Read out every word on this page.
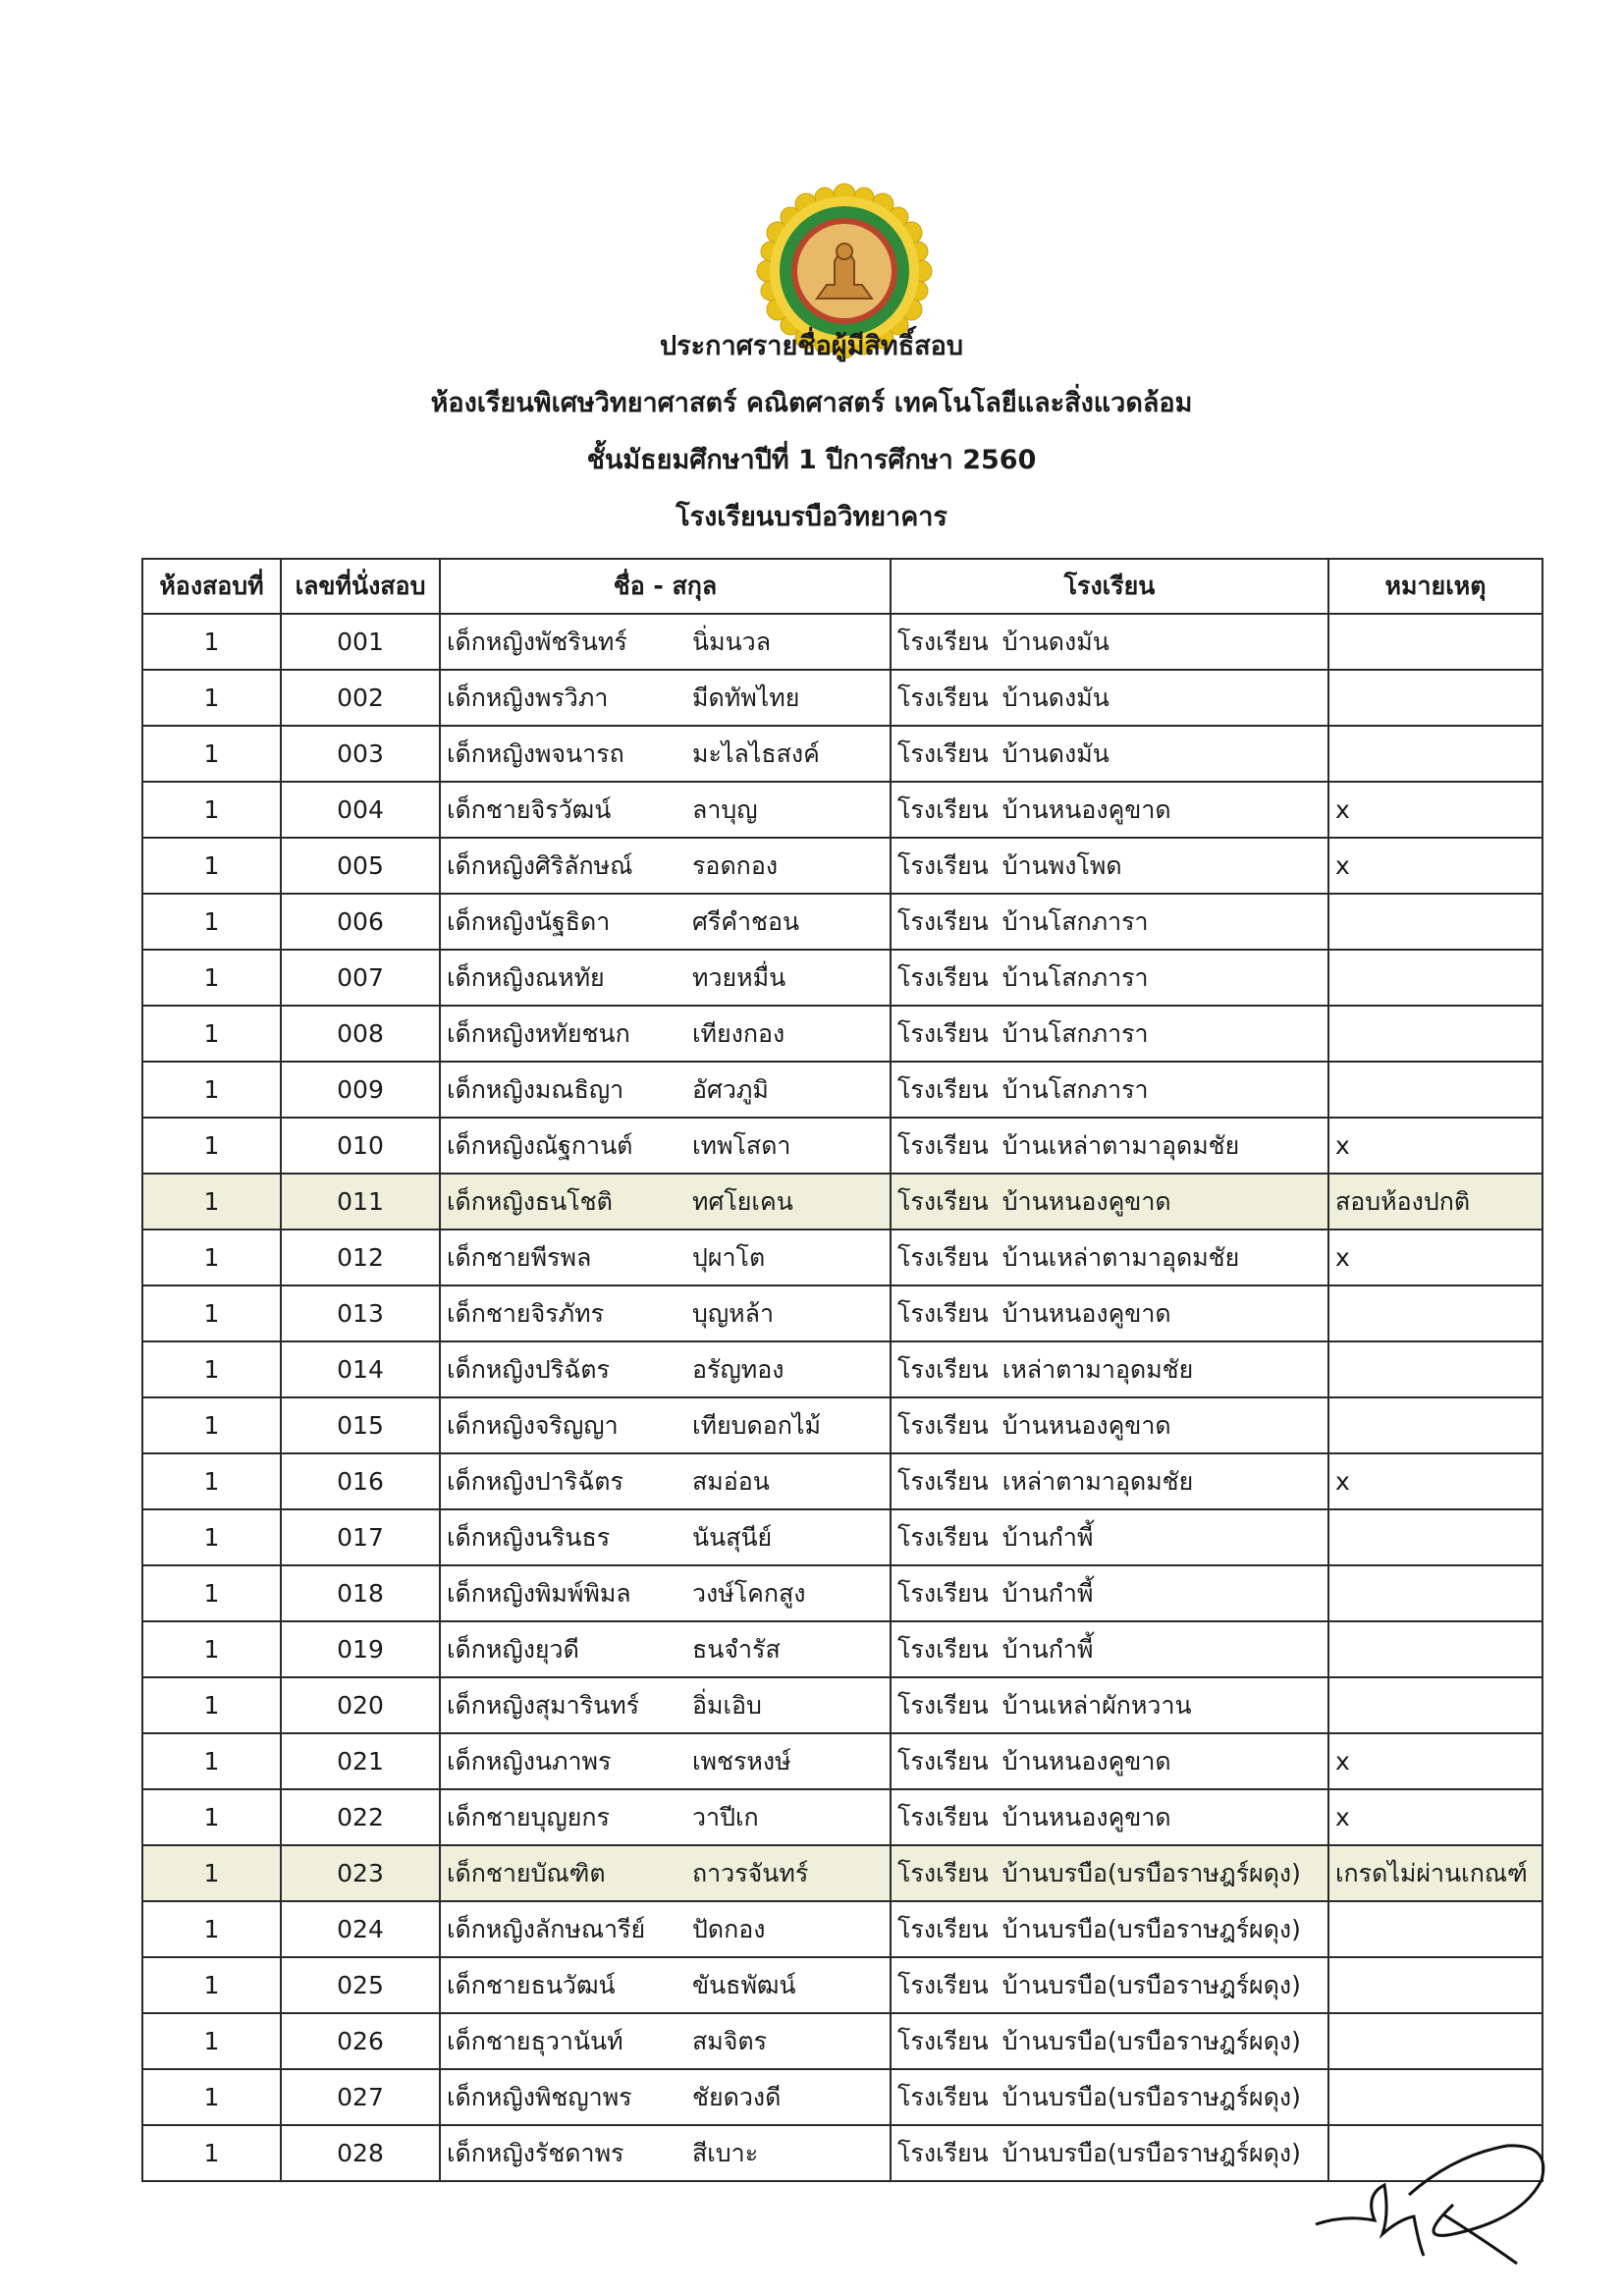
ประกาศรายชื่อผู้มีสิทธิ์สอบ
ห้องเรียนพิเศษวิทยาศาสตร์ คณิตศาสตร์ เทคโนโลยีและสิ่งแวดล้อม
ชั้นมัธยมศึกษาปีที่ 1 ปีการศึกษา 2560
โรงเรียนบรบือวิทยาคาร
ห้องสอบที่	เลขที่นั่งสอบ	ชื่อ - สกุล	โรงเรียน	หมายเหตุ
1	001	เด็กหญิงพัชรินทร์ นิ่มนวล	โรงเรียน บ้านดงมัน	
1	002	เด็กหญิงพรวิภา มีดทัพไทย	โรงเรียน บ้านดงมัน	
1	003	เด็กหญิงพจนารถ มะไลไธสงค์	โรงเรียน บ้านดงมัน	
1	004	เด็กชายจิรวัฒน์ ลาบุญ	โรงเรียน บ้านหนองคูขาด	x
1	005	เด็กหญิงศิริลักษณ์ รอดกอง	โรงเรียน บ้านพงโพด	x
1	006	เด็กหญิงนัฐธิดา ศรีคำชอน	โรงเรียน บ้านโสกภารา	
1	007	เด็กหญิงณหทัย ทวยหมื่น	โรงเรียน บ้านโสกภารา	
1	008	เด็กหญิงหทัยชนก เทียงกอง	โรงเรียน บ้านโสกภารา	
1	009	เด็กหญิงมณธิญา อัศวภูมิ	โรงเรียน บ้านโสกภารา	
1	010	เด็กหญิงณัฐกานต์ เทพโสดา	โรงเรียน บ้านเหล่าตามาอุดมชัย	x
1	011	เด็กหญิงธนโชติ ทศโยเคน	โรงเรียน บ้านหนองคูขาด	สอบห้องปกติ
1	012	เด็กชายพีรพล ปุผาโต	โรงเรียน บ้านเหล่าตามาอุดมชัย	x
1	013	เด็กชายจิรภัทร บุญหล้า	โรงเรียน บ้านหนองคูขาด	
1	014	เด็กหญิงปริฉัตร อรัญทอง	โรงเรียน เหล่าตามาอุดมชัย	
1	015	เด็กหญิงจริญญา เทียบดอกไม้	โรงเรียน บ้านหนองคูขาด	
1	016	เด็กหญิงปาริฉัตร สมอ่อน	โรงเรียน เหล่าตามาอุดมชัย	x
1	017	เด็กหญิงนรินธร นันสุนีย์	โรงเรียน บ้านกำพี้	
1	018	เด็กหญิงพิมพ์พิมล วงษ์โคกสูง	โรงเรียน บ้านกำพี้	
1	019	เด็กหญิงยุวดี ธนจำรัส	โรงเรียน บ้านกำพี้	
1	020	เด็กหญิงสุมารินทร์ อิ่มเอิบ	โรงเรียน บ้านเหล่าผักหวาน	
1	021	เด็กหญิงนภาพร เพชรหงษ์	โรงเรียน บ้านหนองคูขาด	x
1	022	เด็กชายบุญยกร วาปีเก	โรงเรียน บ้านหนองคูขาด	x
1	023	เด็กชายบัณฑิต ถาวรจันทร์	โรงเรียน บ้านบรบือ(บรบือราษฎร์ผดุง)	เกรดไม่ผ่านเกณฑ์
1	024	เด็กหญิงลักษณารีย์ ปัดกอง	โรงเรียน บ้านบรบือ(บรบือราษฎร์ผดุง)	
1	025	เด็กชายธนวัฒน์ ขันธพัฒน์	โรงเรียน บ้านบรบือ(บรบือราษฎร์ผดุง)	
1	026	เด็กชายธุวานันท์ สมจิตร	โรงเรียน บ้านบรบือ(บรบือราษฎร์ผดุง)	
1	027	เด็กหญิงพิชญาพร ชัยดวงดี	โรงเรียน บ้านบรบือ(บรบือราษฎร์ผดุง)	
1	028	เด็กหญิงรัชดาพร สีเบาะ	โรงเรียน บ้านบรบือ(บรบือราษฎร์ผดุง)	
